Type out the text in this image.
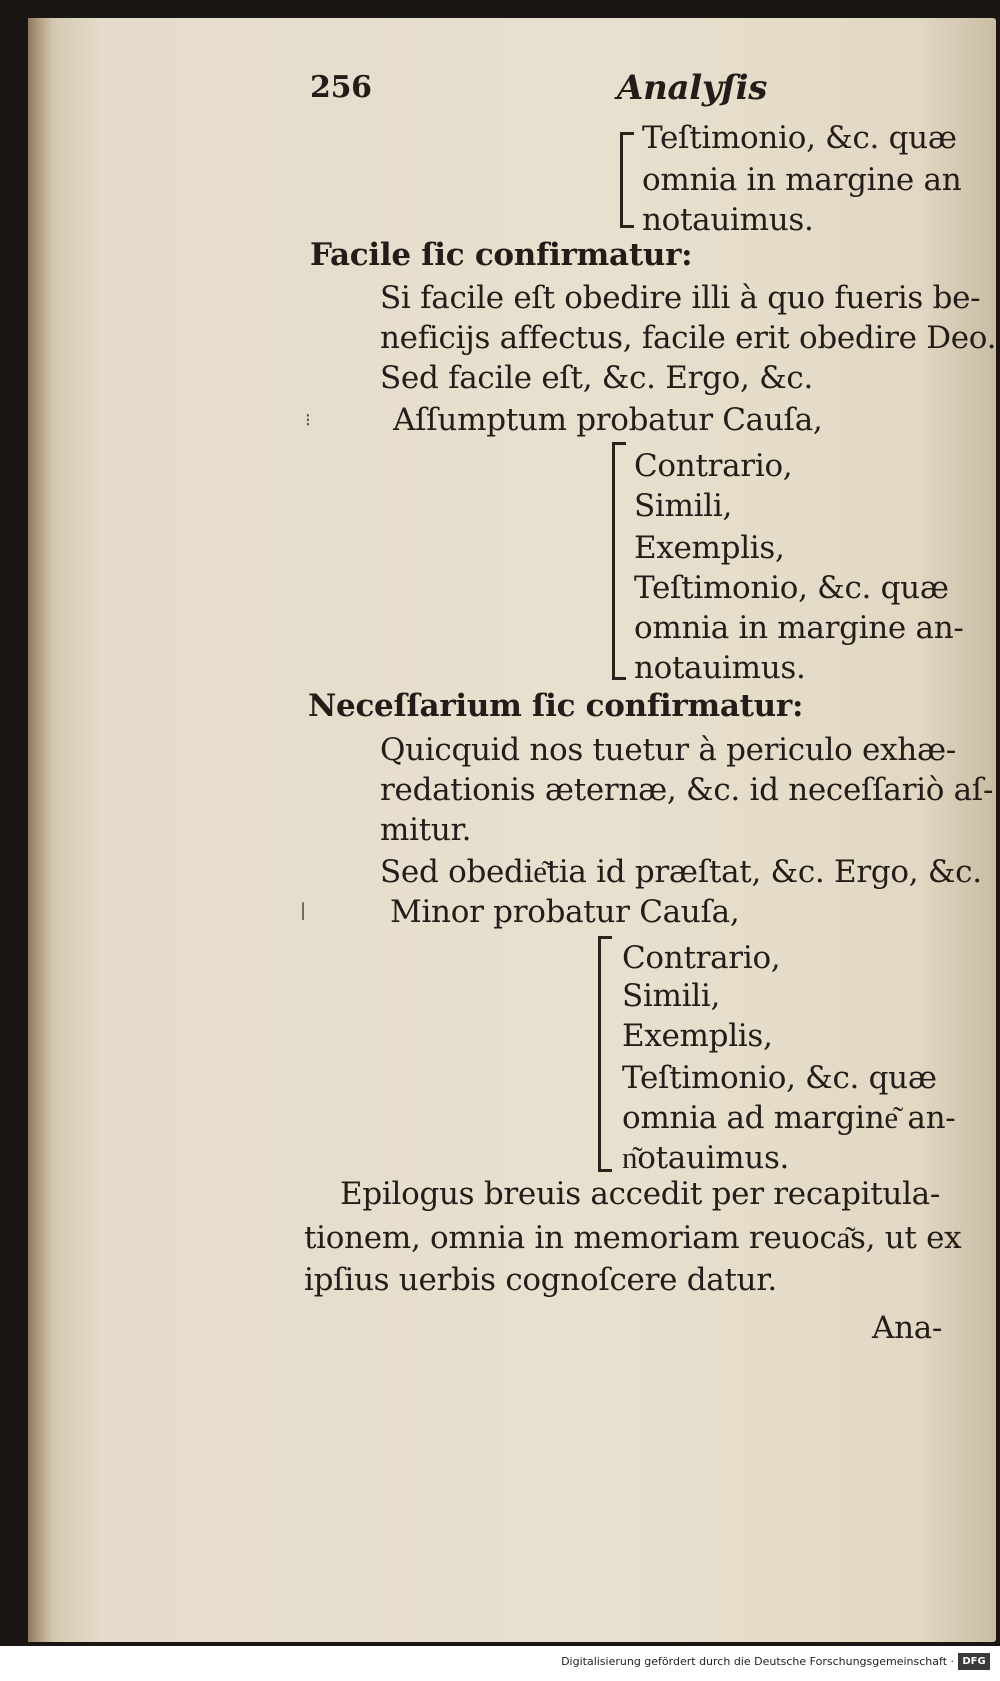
256	Analyſis
Teſtimonio, &c. quæ
omnia in margine an
notauimus.
Facile ſic confirmatur:
Si facile eſt obedire illi à quo fueris be-
neficijs affectus, facile erit obedire Deo.
Sed facile eſt, &c. Ergo, &c.
Aſſumptum probatur Cauſa,
⁝
Contrario,
Simili,
Exemplis,
Teſtimonio, &c. quæ
omnia in margine an-
notauimus.
Neceſſarium ſic confirmatur:
Quicquid nos tuetur à periculo exhæ-
redationis æternæ, &c. id neceſſariò aſ-
mitur.
Sed obedie͂tia id præſtat, &c. Ergo, &c.
Minor probatur Cauſa,
|
Contrario,
Simili,
Exemplis,
Teſtimonio, &c. quæ
omnia ad margine͂ an-
n͂otauimus.
Epilogus breuis accedit per recapitula-
tionem, omnia in memoriam reuoca͂s, ut ex
ipſius uerbis cognoſcere datur.
Ana-
Digitalisierung gefördert durch die Deutsche Forschungsgemeinschaft · DFG
